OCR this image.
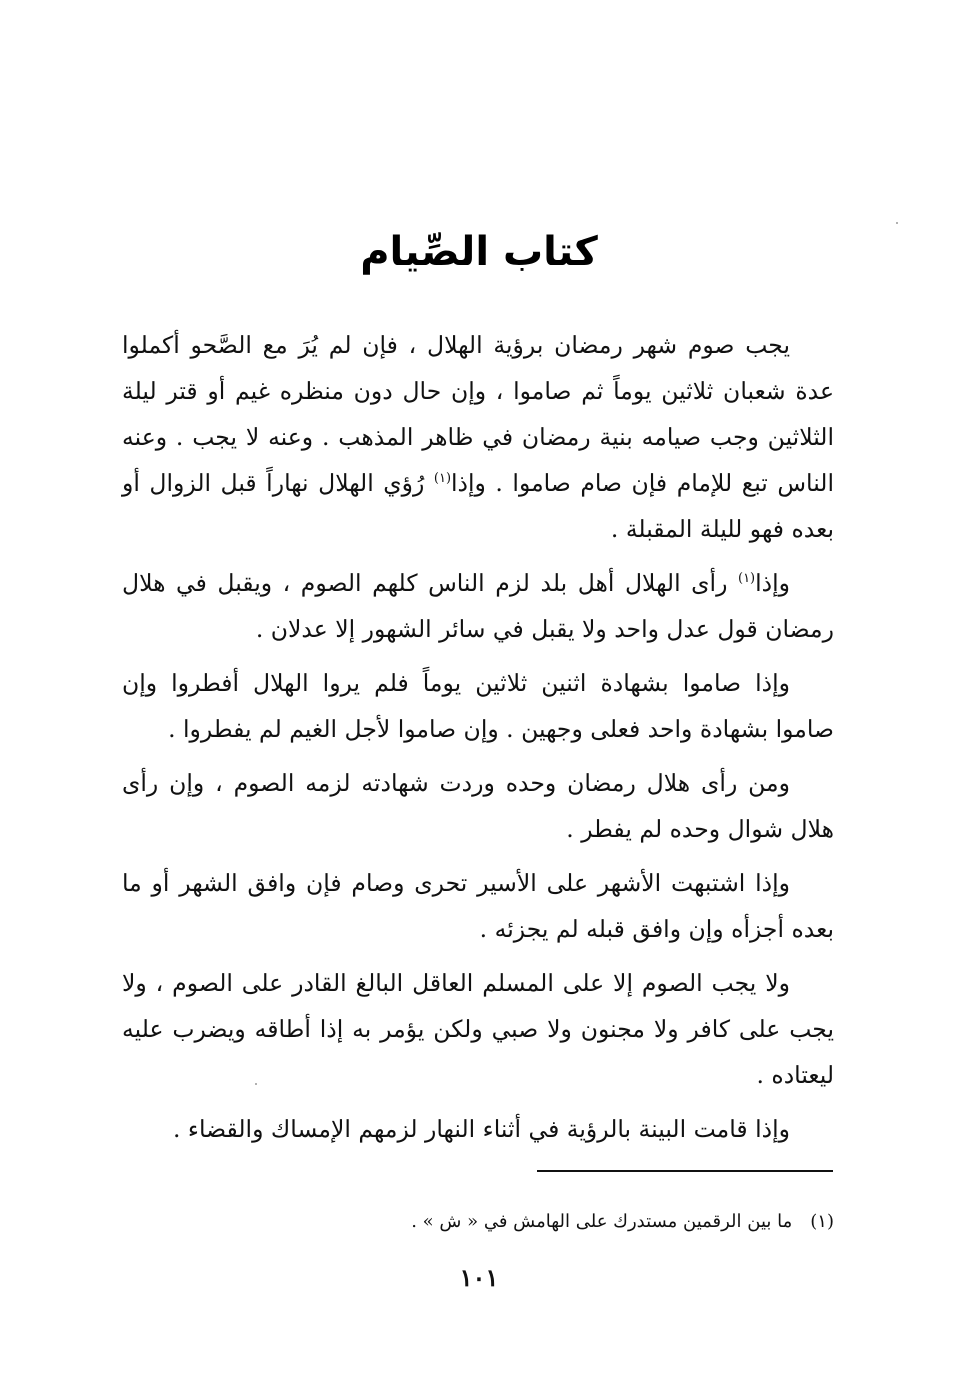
كتاب الصِّيام

يجب صوم شهر رمضان برؤية الهلال ، فإن لم يُرَ مع الصَّحو أكملوا عدة شعبان ثلاثين يوماً ثم صاموا ، وإن حال دون منظره غيم أو قتر ليلة الثلاثين وجب صيامه بنية رمضان في ظاهر المذهب . وعنه لا يجب . وعنه الناس تبع للإمام فإن صام صاموا . وإذا$^{(١)}$ رُؤي الهلال نهاراً قبل الزوال أو بعده فهو لليلة المقبلة .

وإذا$^{(١)}$ رأى الهلال أهل بلد لزم الناس كلهم الصوم ، ويقبل في هلال رمضان قول عدل واحد ولا يقبل في سائر الشهور إلا عدلان .

وإذا صاموا بشهادة اثنين ثلاثين يوماً فلم يروا الهلال أفطروا وإن صاموا بشهادة واحد فعلى وجهين . وإن صاموا لأجل الغيم لم يفطروا .

ومن رأى هلال رمضان وحده وردت شهادته لزمه الصوم ، وإن رأى هلال شوال وحده لم يفطر .

وإذا اشتبهت الأشهر على الأسير تحرى وصام فإن وافق الشهر أو ما بعده أجزأه وإن وافق قبله لم يجزئه .

ولا يجب الصوم إلا على المسلم العاقل البالغ القادر على الصوم ، ولا يجب على كافر ولا مجنون ولا صبي ولكن يؤمر به إذا أطاقه ويضرب عليه ليعتاده .

وإذا قامت البينة بالرؤية في أثناء النهار لزمهم الإمساك والقضاء .

(١)ما بين الرقمين مستدرك على الهامش في « ش » .
١٠١
